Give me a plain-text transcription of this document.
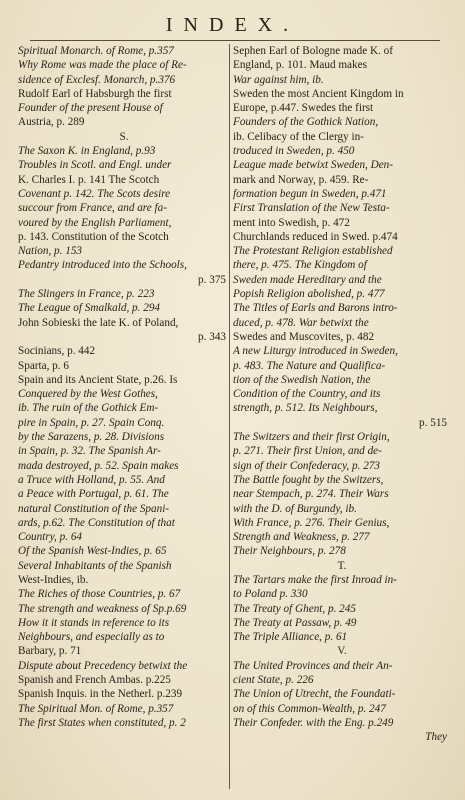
INDEX.
Spiritual Monarch. of Rome, p.357
Why Rome was made the place of Re-
sidence of Exclesf. Monarch, p.376
Rudolf Earl of Habsburgh the first
Founder of the present House of
Austria, p. 289
S.
The Saxon K. in England, p.93
Troubles in Scotl. and Engl. under
K. Charles I. p. 141 The Scotch
Covenant p. 142. The Scots desire
succour from France, and are fa-
voured by the English Parliament,
p. 143. Constitution of the Scotch
Nation, p. 153
Pedantry introduced into the Schools,
p. 375
The Slingers in France, p. 223
The League of Smalkald, p. 294
John Sobieski the late K. of Poland,
p. 343
Socinians, p. 442
Sparta, p. 6
Spain and its Ancient State, p.26. Is
Conquered by the West Gothes,
ib. The ruin of the Gothick Em-
pire in Spain, p. 27. Spain Conq.
by the Sarazens, p. 28. Divisions
in Spain, p. 32. The Spanish Ar-
mada destroyed, p. 52. Spain makes
a Truce with Holland, p. 55. And
a Peace with Portugal, p. 61. The
natural Constitution of the Spani-
ards, p.62. The Constitution of that
Country, p. 64
Of the Spanish West-Indies, p. 65
Several Inhabitants of the Spanish
West-Indies, ib.
The Riches of those Countries, p. 67
The strength and weakness of Sp.p.69
How it it stands in reference to its
Neighbours, and especially as to
Barbary, p. 71
Dispute about Precedency betwixt the
Spanish and French Ambas. p.225
Spanish Inquis. in the Netherl. p.239
The Spiritual Mon. of Rome, p.357
The first States when constituted, p. 2
Sephen Earl of Bologne made K. of
England, p. 101. Maud makes
War against him, ib.
Sweden the most Ancient Kingdom in
Europe, p.447. Swedes the first
Founders of the Gothick Nation,
ib. Celibacy of the Clergy in-
troduced in Sweden, p. 450
League made betwixt Sweden, Den-
mark and Norway, p. 459. Re-
formation begun in Sweden, p.471
First Translation of the New Testa-
ment into Swedish, p. 472
Churchlands reduced in Swed. p.474
The Protestant Religion established
there, p. 475. The Kingdom of
Sweden made Hereditary and the
Popish Religion abolished, p. 477
The Titles of Earls and Barons intro-
duced, p. 478. War betwixt the
Swedes and Muscovites, p. 482
A new Liturgy introduced in Sweden,
p. 483. The Nature and Qualifica-
tion of the Swedish Nation, the
Condition of the Country, and its
strength, p. 512. Its Neighbours,
p. 515
The Switzers and their first Origin,
p. 271. Their first Union, and de-
sign of their Confederacy, p. 273
The Battle fought by the Switzers,
near Stempach, p. 274. Their Wars
with the D. of Burgundy, ib.
With France, p. 276. Their Genius,
Strength and Weakness, p. 277
Their Neighbours, p. 278
T.
The Tartars make the first Inroad in-
to Poland p. 330
The Treaty of Ghent, p. 245
The Treaty at Passaw, p. 49
The Triple Alliance, p. 61
V.
The United Provinces and their An-
cient State, p. 226
The Union of Utrecht, the Foundati-
on of this Common-Wealth, p. 247
Their Confeder. with the Eng. p.249
They
